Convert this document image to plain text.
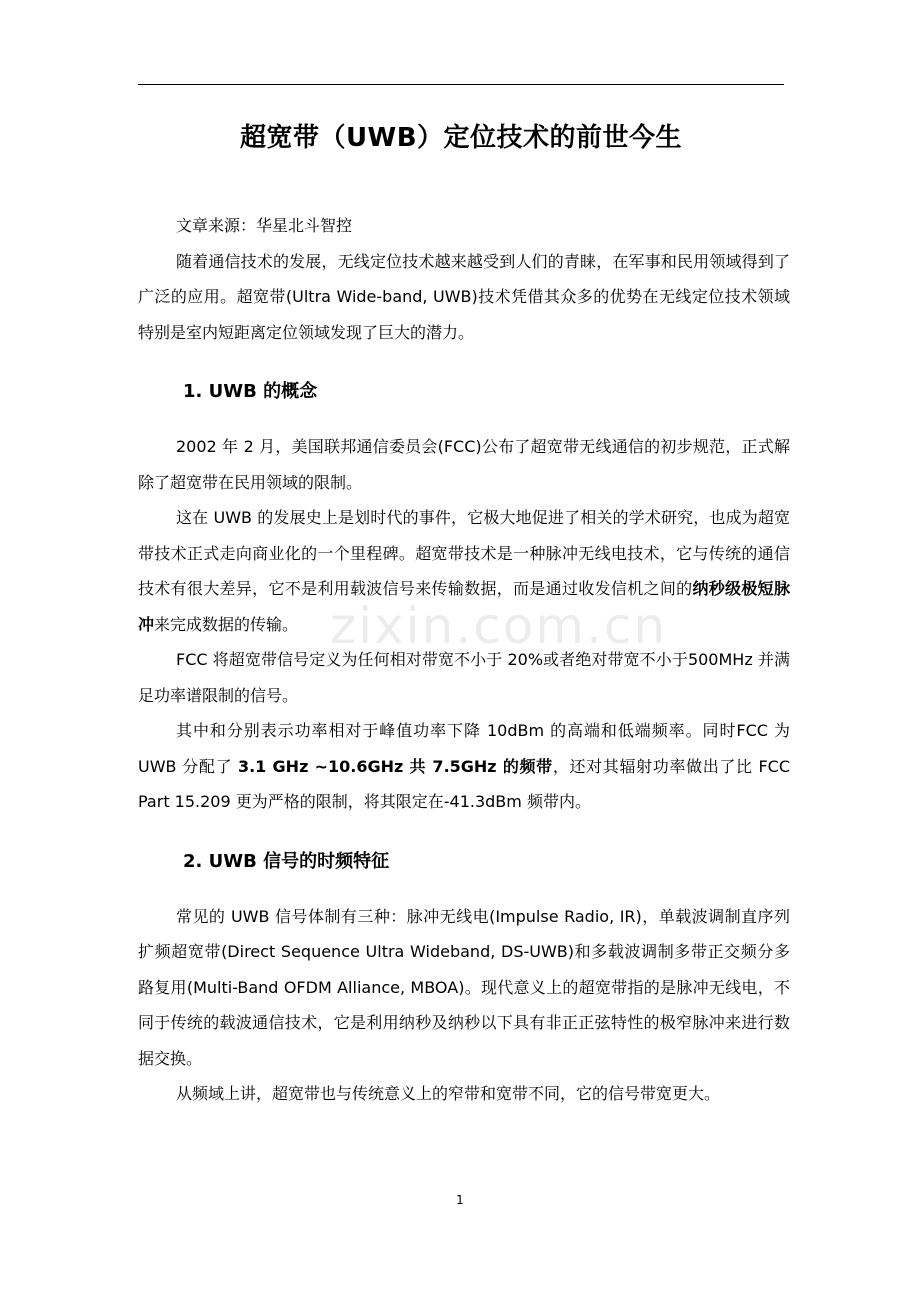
超宽带（UWB）定位技术的前世今生
zixin.com.cn

文章来源：华星北斗智控

随着通信技术的发展，无线定位技术越来越受到人们的青睐，在军事和民用领域得到了广泛的应用。超宽带(Ultra Wide-band, UWB)技术凭借其众多的优势在无线定位技术领域特别是室内短距离定位领域发现了巨大的潜力。

1. UWB 的概念

2002 年 2 月，美国联邦通信委员会(FCC)公布了超宽带无线通信的初步规范，正式解除了超宽带在民用领域的限制。

这在 UWB 的发展史上是划时代的事件，它极大地促进了相关的学术研究，也成为超宽带技术正式走向商业化的一个里程碑。超宽带技术是一种脉冲无线电技术，它与传统的通信技术有很大差异，它不是利用载波信号来传输数据，而是通过收发信机之间的纳秒级极短脉冲来完成数据的传输。

FCC 将超宽带信号定义为任何相对带宽不小于 20%或者绝对带宽不小于500MHz 并满足功率谱限制的信号。

其中和分别表示功率相对于峰值功率下降 10dBm 的高端和低端频率。同时FCC 为 UWB 分配了 3.1 GHz ~10.6GHz 共 7.5GHz 的频带，还对其辐射功率做出了比 FCC Part 15.209 更为严格的限制，将其限定在-41.3dBm 频带内。

2. UWB 信号的时频特征

常见的 UWB 信号体制有三种：脉冲无线电(Impulse Radio, IR)，单载波调制直序列扩频超宽带(Direct Sequence Ultra Wideband, DS-UWB)和多载波调制多带正交频分多路复用(Multi-Band OFDM Alliance, MBOA)。现代意义上的超宽带指的是脉冲无线电，不同于传统的载波通信技术，它是利用纳秒及纳秒以下具有非正正弦特性的极窄脉冲来进行数据交换。

从频域上讲，超宽带也与传统意义上的窄带和宽带不同，它的信号带宽更大。

1
